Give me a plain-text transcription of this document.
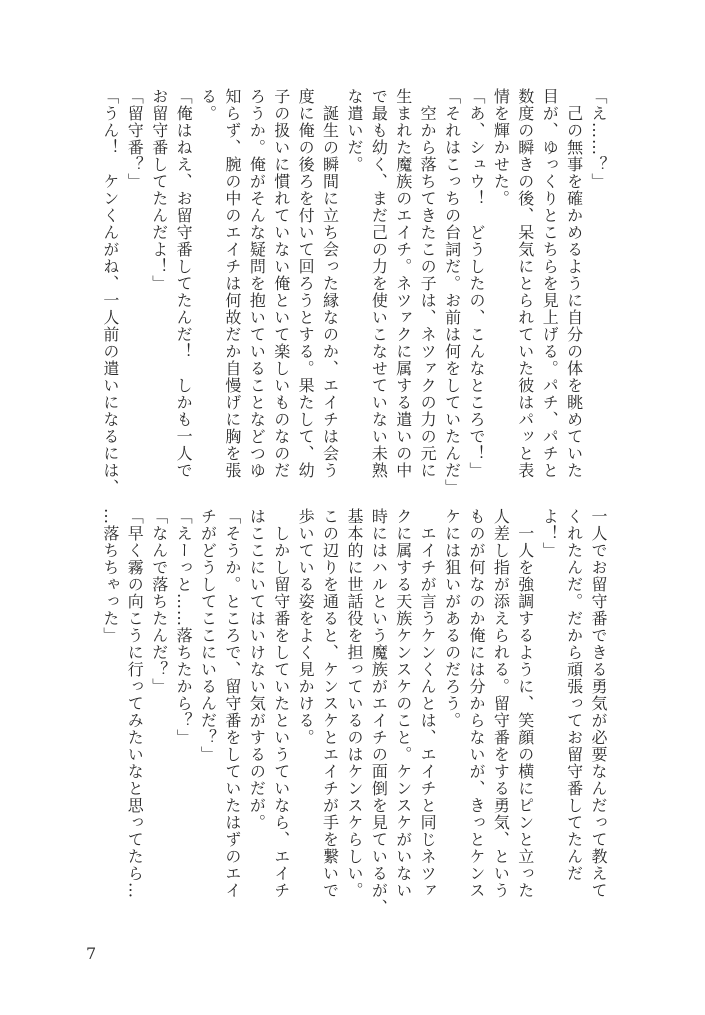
「え……？」

　己の無事を確かめるように自分の体を眺めていた

目が、ゆっくりとこちらを見上げる。パチ、パチと

数度の瞬きの後、呆気にとられていた彼はパッと表

情を輝かせた。

「あ、シュウ！　どうしたの、こんなところで！」

「それはこっちの台詞だ。お前は何をしていたんだ」

　空から落ちてきたこの子は、ネツァクの力の元に

生まれた魔族のエイチ。ネツァクに属する遣いの中

で最も幼く、まだ己の力を使いこなせていない未熟

な遣いだ。

　誕生の瞬間に立ち会った縁なのか、エイチは会う

度に俺の後ろを付いて回ろうとする。果たして、幼

子の扱いに慣れていない俺といて楽しいものなのだ

ろうか。俺がそんな疑問を抱いていることなどつゆ

知らず、腕の中のエイチは何故だか自慢げに胸を張

る。

「俺はねえ、お留守番してたんだ！　しかも一人で

お留守番してたんだよ！」

「留守番？」

「うん！　ケンくんがね、一人前の遣いになるには、

一人でお留守番できる勇気が必要なんだって教えて

くれたんだ。だから頑張ってお留守番してたんだ

よ！」

　一人を強調するように、笑顔の横にピンと立った

人差し指が添えられる。留守番をする勇気、という

ものが何なのか俺には分からないが、きっとケンス

ケには狙いがあるのだろう。

　エイチが言うケンくんとは、エイチと同じネツァ

クに属する天族ケンスケのこと。ケンスケがいない

時にはハルという魔族がエイチの面倒を見ているが、

基本的に世話役を担っているのはケンスケらしい。

この辺りを通ると、ケンスケとエイチが手を繋いで

歩いている姿をよく見かける。

　しかし留守番をしていたというていなら、エイチ

はここにいてはいけない気がするのだが。

「そうか。ところで、留守番をしていたはずのエイ

チがどうしてここにいるんだ？」

「えーっと……落ちたから？」

「なんで落ちたんだ？」

「早く霧の向こうに行ってみたいなと思ってたら…

…落ちちゃった」

7
